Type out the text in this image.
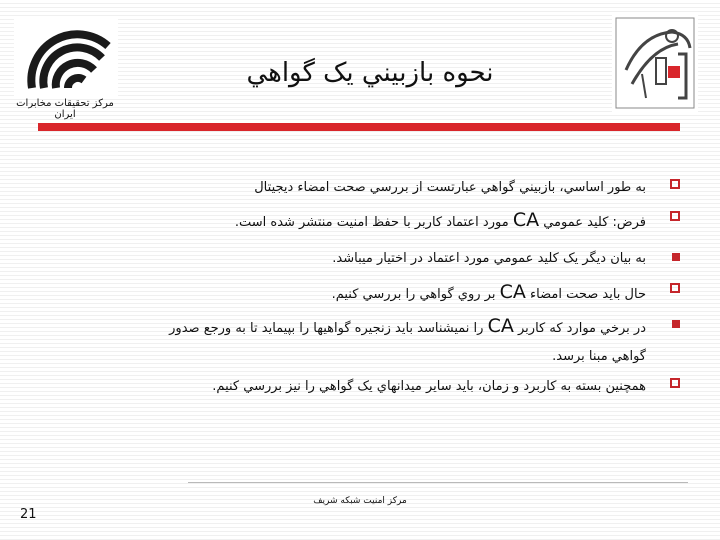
مرکز تحقیقات مخابرات ایران
نحوه بازبيني يک گواهي
به طور اساسي، بازبيني گواهي عبارتست از بررسي صحت امضاء ديجيتال
فرض: كليد عمومي CA مورد اعتماد كاربر با حفظ امنيت منتشر شده است.
به بيان ديگر يک كليد عمومي مورد اعتماد در اختيار ميباشد.
حال بايد صحت امضاء CA بر روي گواهي را بررسي كنيم.
در برخي موارد كه كاربر CA را نميشناسد بايد زنجيره گواهيها را بپيمايد تا به ورجع صدور
گواهي مبنا برسد.
همچنين بسته به كاربرد و زمان، بايد ساير ميدانهاي يک گواهي را نيز بررسي كنيم.
مرکز امنیت شبکه شریف
21
